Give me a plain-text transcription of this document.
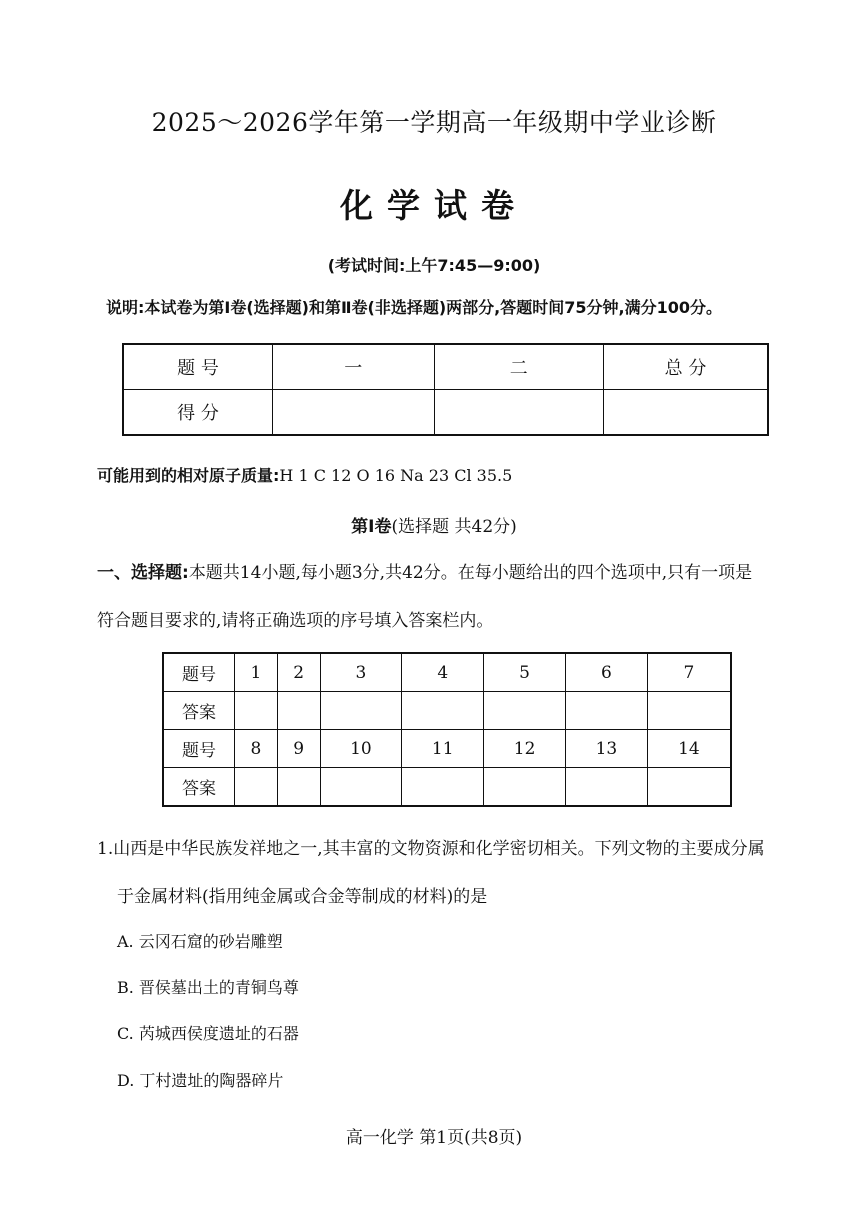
2025～2026学年第一学期高一年级期中学业诊断
化学试卷
(考试时间:上午7:45—9:00)
说明:本试卷为第Ⅰ卷(选择题)和第Ⅱ卷(非选择题)两部分,答题时间75分钟,满分100分。
题 号	一	二	总 分
得 分			
可能用到的相对原子质量:H 1 C 12 O 16 Na 23 Cl 35.5
第Ⅰ卷(选择题 共42分)
一、选择题:本题共14小题,每小题3分,共42分。在每小题给出的四个选项中,只有一项是
符合题目要求的,请将正确选项的序号填入答案栏内。
题号	1	2	3	4	5	6	7
答案							
题号	8	9	10	11	12	13	14
答案							
1.山西是中华民族发祥地之一,其丰富的文物资源和化学密切相关。下列文物的主要成分属
于金属材料(指用纯金属或合金等制成的材料)的是
A. 云冈石窟的砂岩雕塑
B. 晋侯墓出土的青铜鸟尊
C. 芮城西侯度遗址的石器
D. 丁村遗址的陶器碎片
高一化学 第1页(共8页)
